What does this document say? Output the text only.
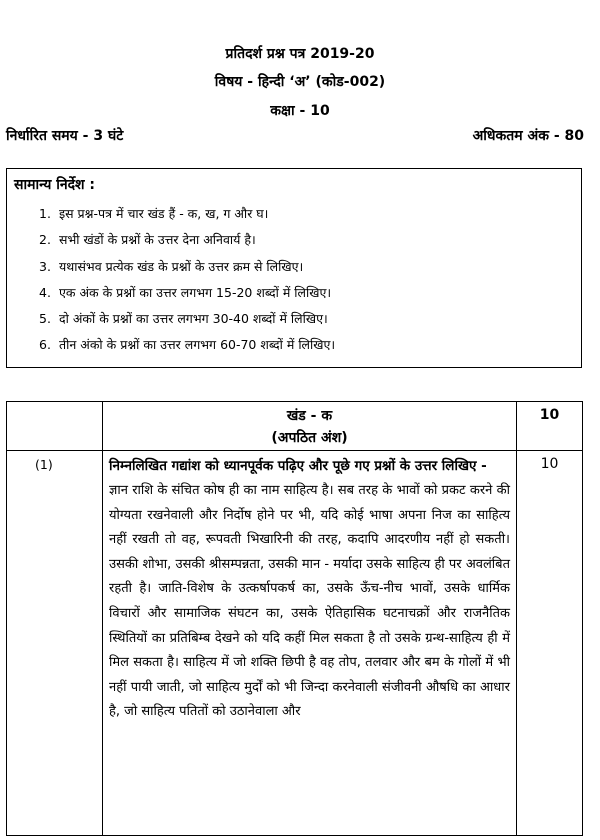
प्रतिदर्श प्रश्न पत्र 2019-20
विषय - हिन्दी ‘अ’ (कोड-002)
कक्षा - 10
निर्धारित समय - 3 घंटे	अधिकतम अंक - 80
सामान्य निर्देश :
1. इस प्रश्न-पत्र में चार खंड हैं - क, ख, ग और घ।
2. सभी खंडों के प्रश्नों के उत्तर देना अनिवार्य है।
3. यथासंभव प्रत्येक खंड के प्रश्नों के उत्तर क्रम से लिखिए।
4. एक अंक के प्रश्नों का उत्तर लगभग 15-20 शब्दों में लिखिए।
5. दो अंकों के प्रश्नों का उत्तर लगभग 30-40 शब्दों में लिखिए।
6. तीन अंको के प्रश्नों का उत्तर लगभग 60-70 शब्दों में लिखिए।

	खंड - क
(अपठित अंश)	10
(1)	निम्नलिखित गद्यांश को ध्यानपूर्वक पढ़िए और पूछे गए प्रश्नों के उत्तर लिखिए -
ज्ञान राशि के संचित कोष ही का नाम साहित्य है। सब तरह के भावों को प्रकट करने की योग्यता रखनेवाली और निर्दोष होने पर भी, यदि कोई भाषा अपना निज का साहित्य नहीं रखती तो वह, रूपवती भिखारिनी की तरह, कदापि आदरणीय नहीं हो सकती। उसकी शोभा, उसकी श्रीसम्पन्नता, उसकी मान - मर्यादा उसके साहित्य ही पर अवलंबित रहती है। जाति-विशेष के उत्कर्षापकर्ष का, उसके ऊँच-नीच भावों, उसके धार्मिक विचारों और सामाजिक संघटन का, उसके ऐतिहासिक घटनाचक्रों और राजनैतिक स्थितियों का प्रतिबिम्ब देखने को यदि कहीं मिल सकता है तो उसके ग्रन्थ-साहित्य ही में मिल सकता है। साहित्य में जो शक्ति छिपी है वह तोप, तलवार और बम के गोलों में भी नहीं पायी जाती, जो साहित्य मुर्दों को भी जिन्दा करनेवाली संजीवनी औषधि का आधार है, जो साहित्य पतितों को उठानेवाला और	10
